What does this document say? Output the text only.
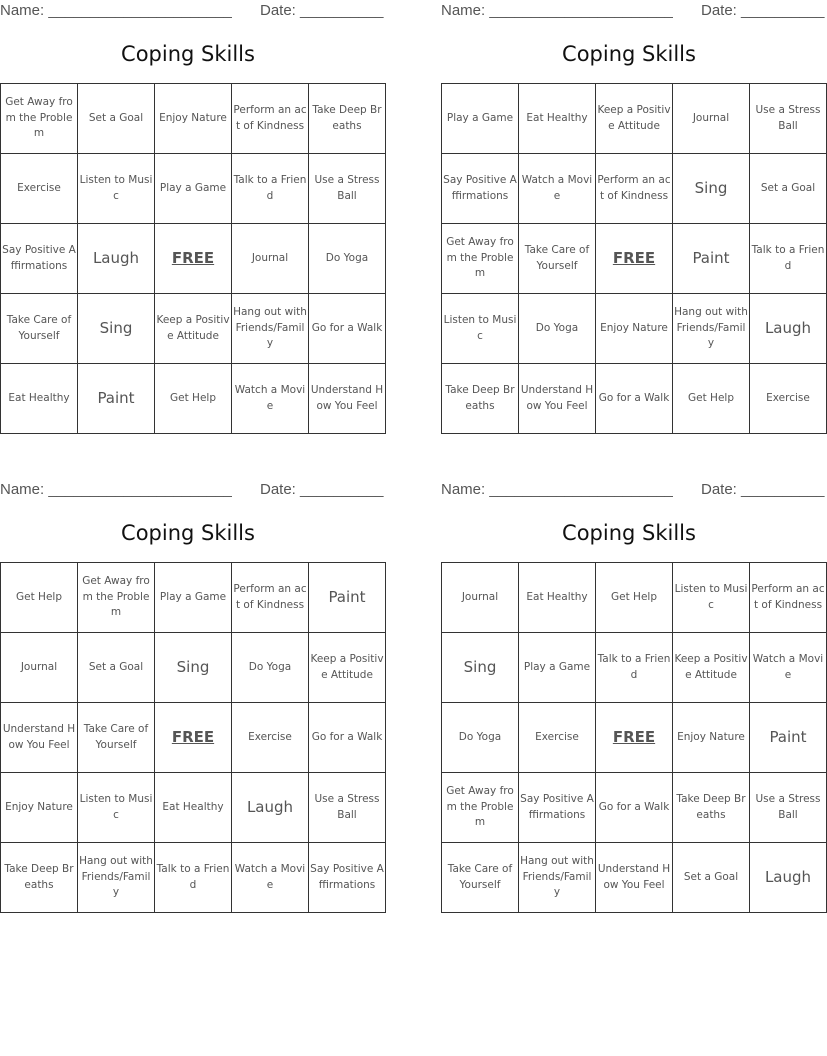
Name: ______________________ Date: __________
Coping Skills
Get Away from the Problem	Set a Goal	Enjoy Nature	Perform an act of Kindness	Take Deep Breaths
Exercise	Listen to Music	Play a Game	Talk to a Friend	Use a Stress Ball
Say Positive Affirmations	Laugh	FREE	Journal	Do Yoga
Take Care of Yourself	Sing	Keep a Positive Attitude	Hang out with Friends/Family	Go for a Walk
Eat Healthy	Paint	Get Help	Watch a Movie	Understand How You Feel
Name: ______________________ Date: __________
Coping Skills
Play a Game	Eat Healthy	Keep a Positive Attitude	Journal	Use a Stress Ball
Say Positive Affirmations	Watch a Movie	Perform an act of Kindness	Sing	Set a Goal
Get Away from the Problem	Take Care of Yourself	FREE	Paint	Talk to a Friend
Listen to Music	Do Yoga	Enjoy Nature	Hang out with Friends/Family	Laugh
Take Deep Breaths	Understand How You Feel	Go for a Walk	Get Help	Exercise
Name: ______________________ Date: __________
Coping Skills
Get Help	Get Away from the Problem	Play a Game	Perform an act of Kindness	Paint
Journal	Set a Goal	Sing	Do Yoga	Keep a Positive Attitude
Understand How You Feel	Take Care of Yourself	FREE	Exercise	Go for a Walk
Enjoy Nature	Listen to Music	Eat Healthy	Laugh	Use a Stress Ball
Take Deep Breaths	Hang out with Friends/Family	Talk to a Friend	Watch a Movie	Say Positive Affirmations
Name: ______________________ Date: __________
Coping Skills
Journal	Eat Healthy	Get Help	Listen to Music	Perform an act of Kindness
Sing	Play a Game	Talk to a Friend	Keep a Positive Attitude	Watch a Movie
Do Yoga	Exercise	FREE	Enjoy Nature	Paint
Get Away from the Problem	Say Positive Affirmations	Go for a Walk	Take Deep Breaths	Use a Stress Ball
Take Care of Yourself	Hang out with Friends/Family	Understand How You Feel	Set a Goal	Laugh
